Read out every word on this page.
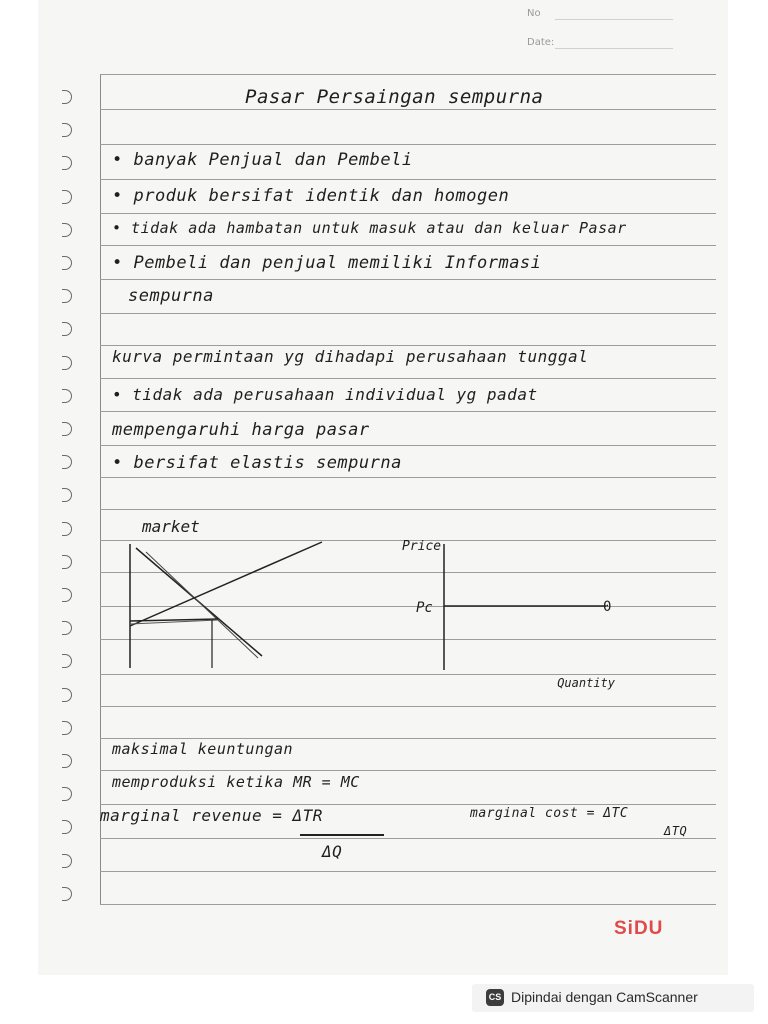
No
Date:
Pasar Persaingan sempurna
• banyak Penjual dan Pembeli
• produk bersifat identik dan homogen
• tidak ada hambatan untuk masuk atau dan keluar Pasar
• Pembeli dan penjual memiliki Informasi
sempurna
kurva permintaan yg dihadapi perusahaan tunggal
• tidak ada perusahaan individual yg padat
mempengaruhi harga pasar
• bersifat elastis sempurna
market
Price
Pc	0
Quantity
maksimal keuntungan
memproduksi ketika MR = MC
marginal revenue = ΔTR
ΔQ
marginal cost = ΔTC
ΔTQ
SiDU
CS Dipindai dengan CamScanner
